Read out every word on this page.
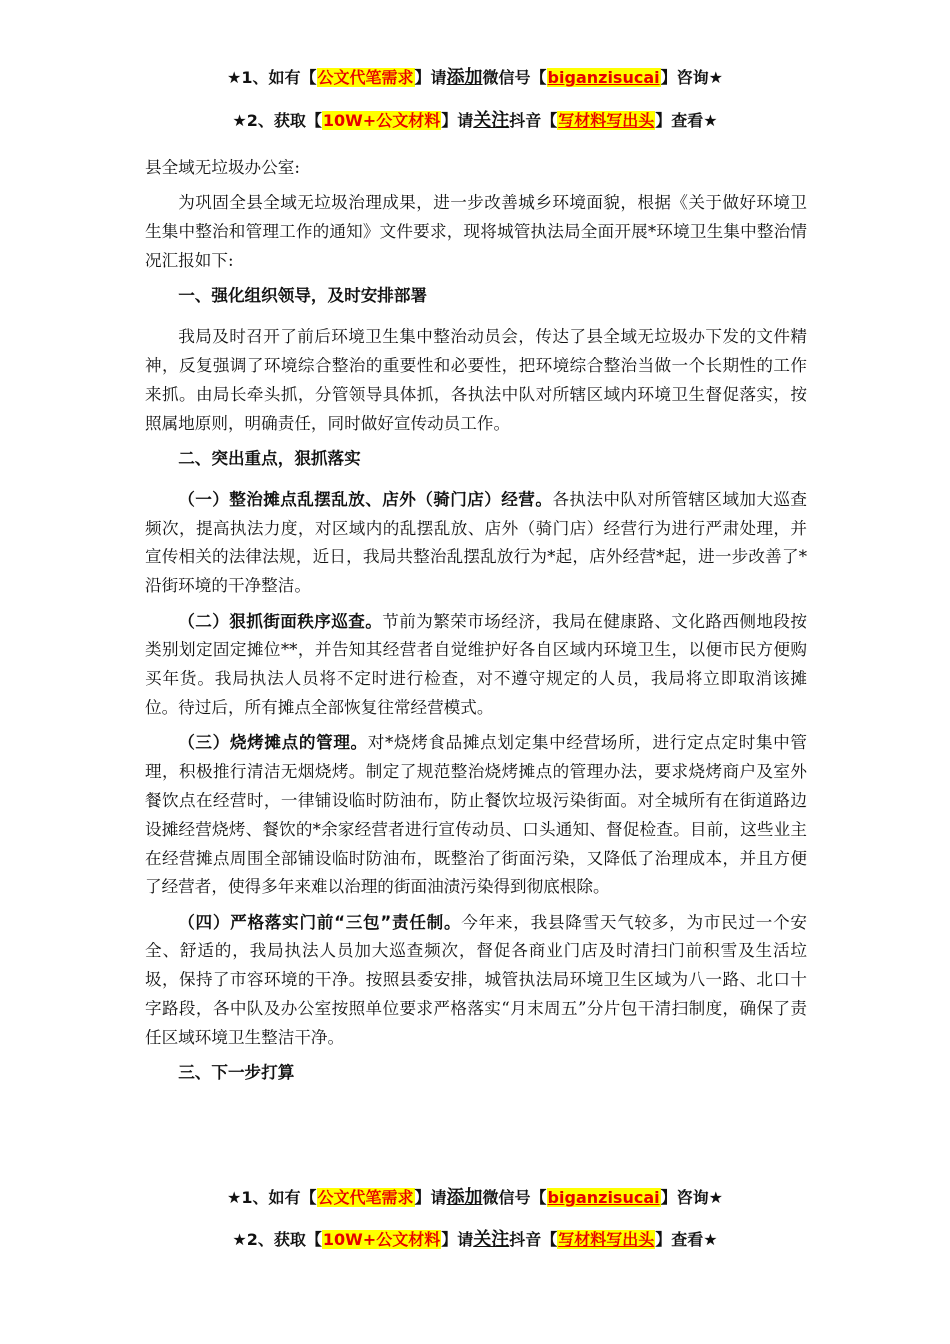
★1、如有【公文代笔需求】请添加微信号【biganzisucai】咨询★
★2、获取【10W+公文材料】请关注抖音【写材料写出头】查看★

县全域无垃圾办公室:

为巩固全县全域无垃圾治理成果，进一步改善城乡环境面貌，根据《关于做好环境卫生集中整治和管理工作的通知》文件要求，现将城管执法局全面开展*环境卫生集中整治情况汇报如下:

一、强化组织领导，及时安排部署

我局及时召开了前后环境卫生集中整治动员会，传达了县全域无垃圾办下发的文件精神，反复强调了环境综合整治的重要性和必要性，把环境综合整治当做一个长期性的工作来抓。由局长牵头抓，分管领导具体抓，各执法中队对所辖区域内环境卫生督促落实，按照属地原则，明确责任，同时做好宣传动员工作。

二、突出重点，狠抓落实

（一）整治摊点乱摆乱放、店外（骑门店）经营。各执法中队对所管辖区域加大巡查频次，提高执法力度，对区域内的乱摆乱放、店外（骑门店）经营行为进行严肃处理，并宣传相关的法律法规，近日，我局共整治乱摆乱放行为*起，店外经营*起，进一步改善了*沿街环境的干净整洁。

（二）狠抓街面秩序巡查。节前为繁荣市场经济，我局在健康路、文化路西侧地段按类别划定固定摊位**，并告知其经营者自觉维护好各自区域内环境卫生，以便市民方便购买年货。我局执法人员将不定时进行检查，对不遵守规定的人员，我局将立即取消该摊位。待过后，所有摊点全部恢复往常经营模式。

（三）烧烤摊点的管理。对*烧烤食品摊点划定集中经营场所，进行定点定时集中管理，积极推行清洁无烟烧烤。制定了规范整治烧烤摊点的管理办法，要求烧烤商户及室外餐饮点在经营时，一律铺设临时防油布，防止餐饮垃圾污染街面。对全城所有在街道路边设摊经营烧烤、餐饮的*余家经营者进行宣传动员、口头通知、督促检查。目前，这些业主在经营摊点周围全部铺设临时防油布，既整治了街面污染，又降低了治理成本，并且方便了经营者，使得多年来难以治理的街面油渍污染得到彻底根除。

（四）严格落实门前“三包”责任制。今年来，我县降雪天气较多，为市民过一个安全、舒适的，我局执法人员加大巡查频次，督促各商业门店及时清扫门前积雪及生活垃圾，保持了市容环境的干净。按照县委安排，城管执法局环境卫生区域为八一路、北口十字路段，各中队及办公室按照单位要求严格落实“月末周五”分片包干清扫制度，确保了责任区域环境卫生整洁干净。

三、下一步打算

★1、如有【公文代笔需求】请添加微信号【biganzisucai】咨询★
★2、获取【10W+公文材料】请关注抖音【写材料写出头】查看★
